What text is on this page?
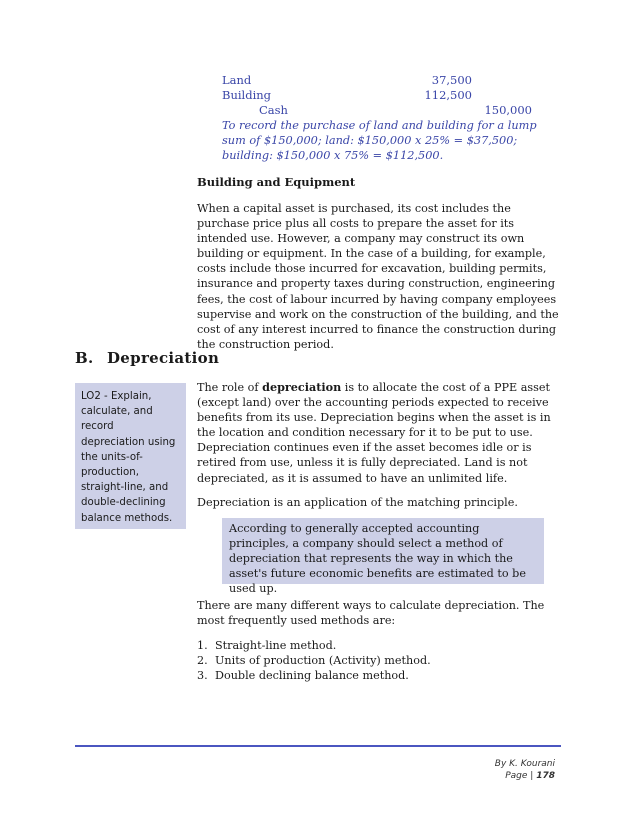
Land	37,500
Building	112,500
Cash	150,000
To record the purchase of land and building for a lump sum of $150,000; land: $150,000 x 25% = $37,500; building: $150,000 x 75% = $112,500.
Building and Equipment
When a capital asset is purchased, its cost includes the purchase price plus all costs to prepare the asset for its intended use. However, a company may construct its own building or equipment. In the case of a building, for example, costs include those incurred for excavation, building permits, insurance and property taxes during construction, engineering fees, the cost of labour incurred by having company employees supervise and work on the construction of the building, and the cost of any interest incurred to finance the construction during the construction period.
B. Depreciation
LO2 - Explain, calculate, and record depreciation using the units-of-production, straight-line, and double-declining balance methods.
The role of depreciation is to allocate the cost of a PPE asset (except land) over the accounting periods expected to receive benefits from its use. Depreciation begins when the asset is in the location and condition necessary for it to be put to use. Depreciation continues even if the asset becomes idle or is retired from use, unless it is fully depreciated. Land is not depreciated, as it is assumed to have an unlimited life.
Depreciation is an application of the matching principle.
According to generally accepted accounting principles, a company should select a method of depreciation that represents the way in which the asset's future economic benefits are estimated to be used up.
There are many different ways to calculate depreciation. The most frequently used methods are:
1. Straight-line method.
2. Units of production (Activity) method.
3. Double declining balance method.
By K. Kourani
Page | 178
